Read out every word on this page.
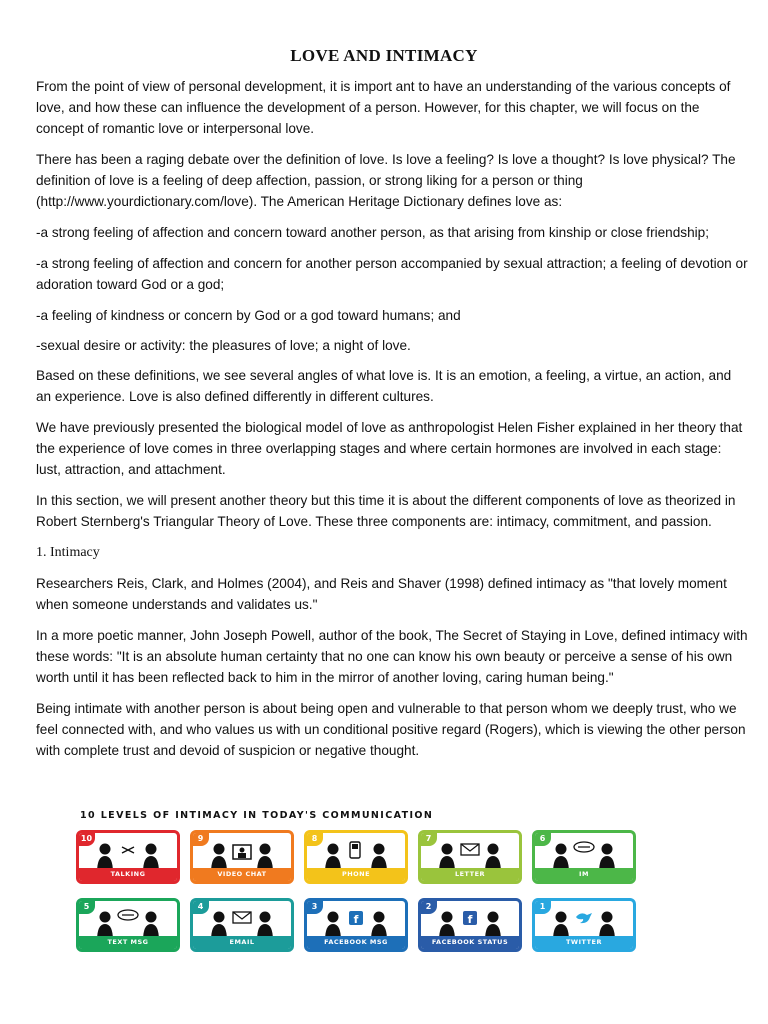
LOVE AND INTIMACY

From the point of view of personal development, it is import ant to have an understanding of the various concepts of love, and how these can influence the development of a person. However, for this chapter, we will focus on the concept of romantic love or interpersonal love.

There has been a raging debate over the definition of love. Is love a feeling? Is love a thought? Is love physical? The definition of love is a feeling of deep affection, passion, or strong liking for a person or thing (http://www.yourdictionary.com/love). The American Heritage Dictionary defines love as:

-a strong feeling of affection and concern toward another person, as that arising from kinship or close friendship;

-a strong feeling of affection and concern for another person accompanied by sexual attraction; a feeling of devotion or adoration toward God or a god;

-a feeling of kindness or concern by God or a god toward humans; and

-sexual desire or activity: the pleasures of love; a night of love.

Based on these definitions, we see several angles of what love is. It is an emotion, a feeling, a virtue, an action, and an experience. Love is also defined differently in different cultures.

We have previously presented the biological model of love as anthropologist Helen Fisher explained in her theory that the experience of love comes in three overlapping stages and where certain hormones are involved in each stage: lust, attraction, and attachment.

In this section, we will present another theory but this time it is about the different components of love as theorized in Robert Sternberg's Triangular Theory of Love. These three components are: intimacy, commitment, and passion.

1. Intimacy

Researchers Reis, Clark, and Holmes (2004), and Reis and Shaver (1998) defined intimacy as "that lovely moment when someone understands and validates us."

In a more poetic manner, John Joseph Powell, author of the book, The Secret of Staying in Love, defined intimacy with these words: "It is an absolute human certainty that no one can know his own beauty or perceive a sense of his own worth until it has been reflected back to him in the mirror of another loving, caring human being."

Being intimate with another person is about being open and vulnerable to that person whom we deeply trust, who we feel connected with, and who values us with un conditional positive regard (Rogers), which is viewing the other person with complete trust and devoid of suspicion or negative thought.

10 LEVELS OF INTIMACY IN TODAY'S COMMUNICATION
10
TALKING
9
VIDEO CHAT
8
PHONE
7
LETTER
6
IM
5
TEXT MSG
4
EMAIL
3
f
FACEBOOK MSG
2
f
FACEBOOK STATUS
1
TWITTER
